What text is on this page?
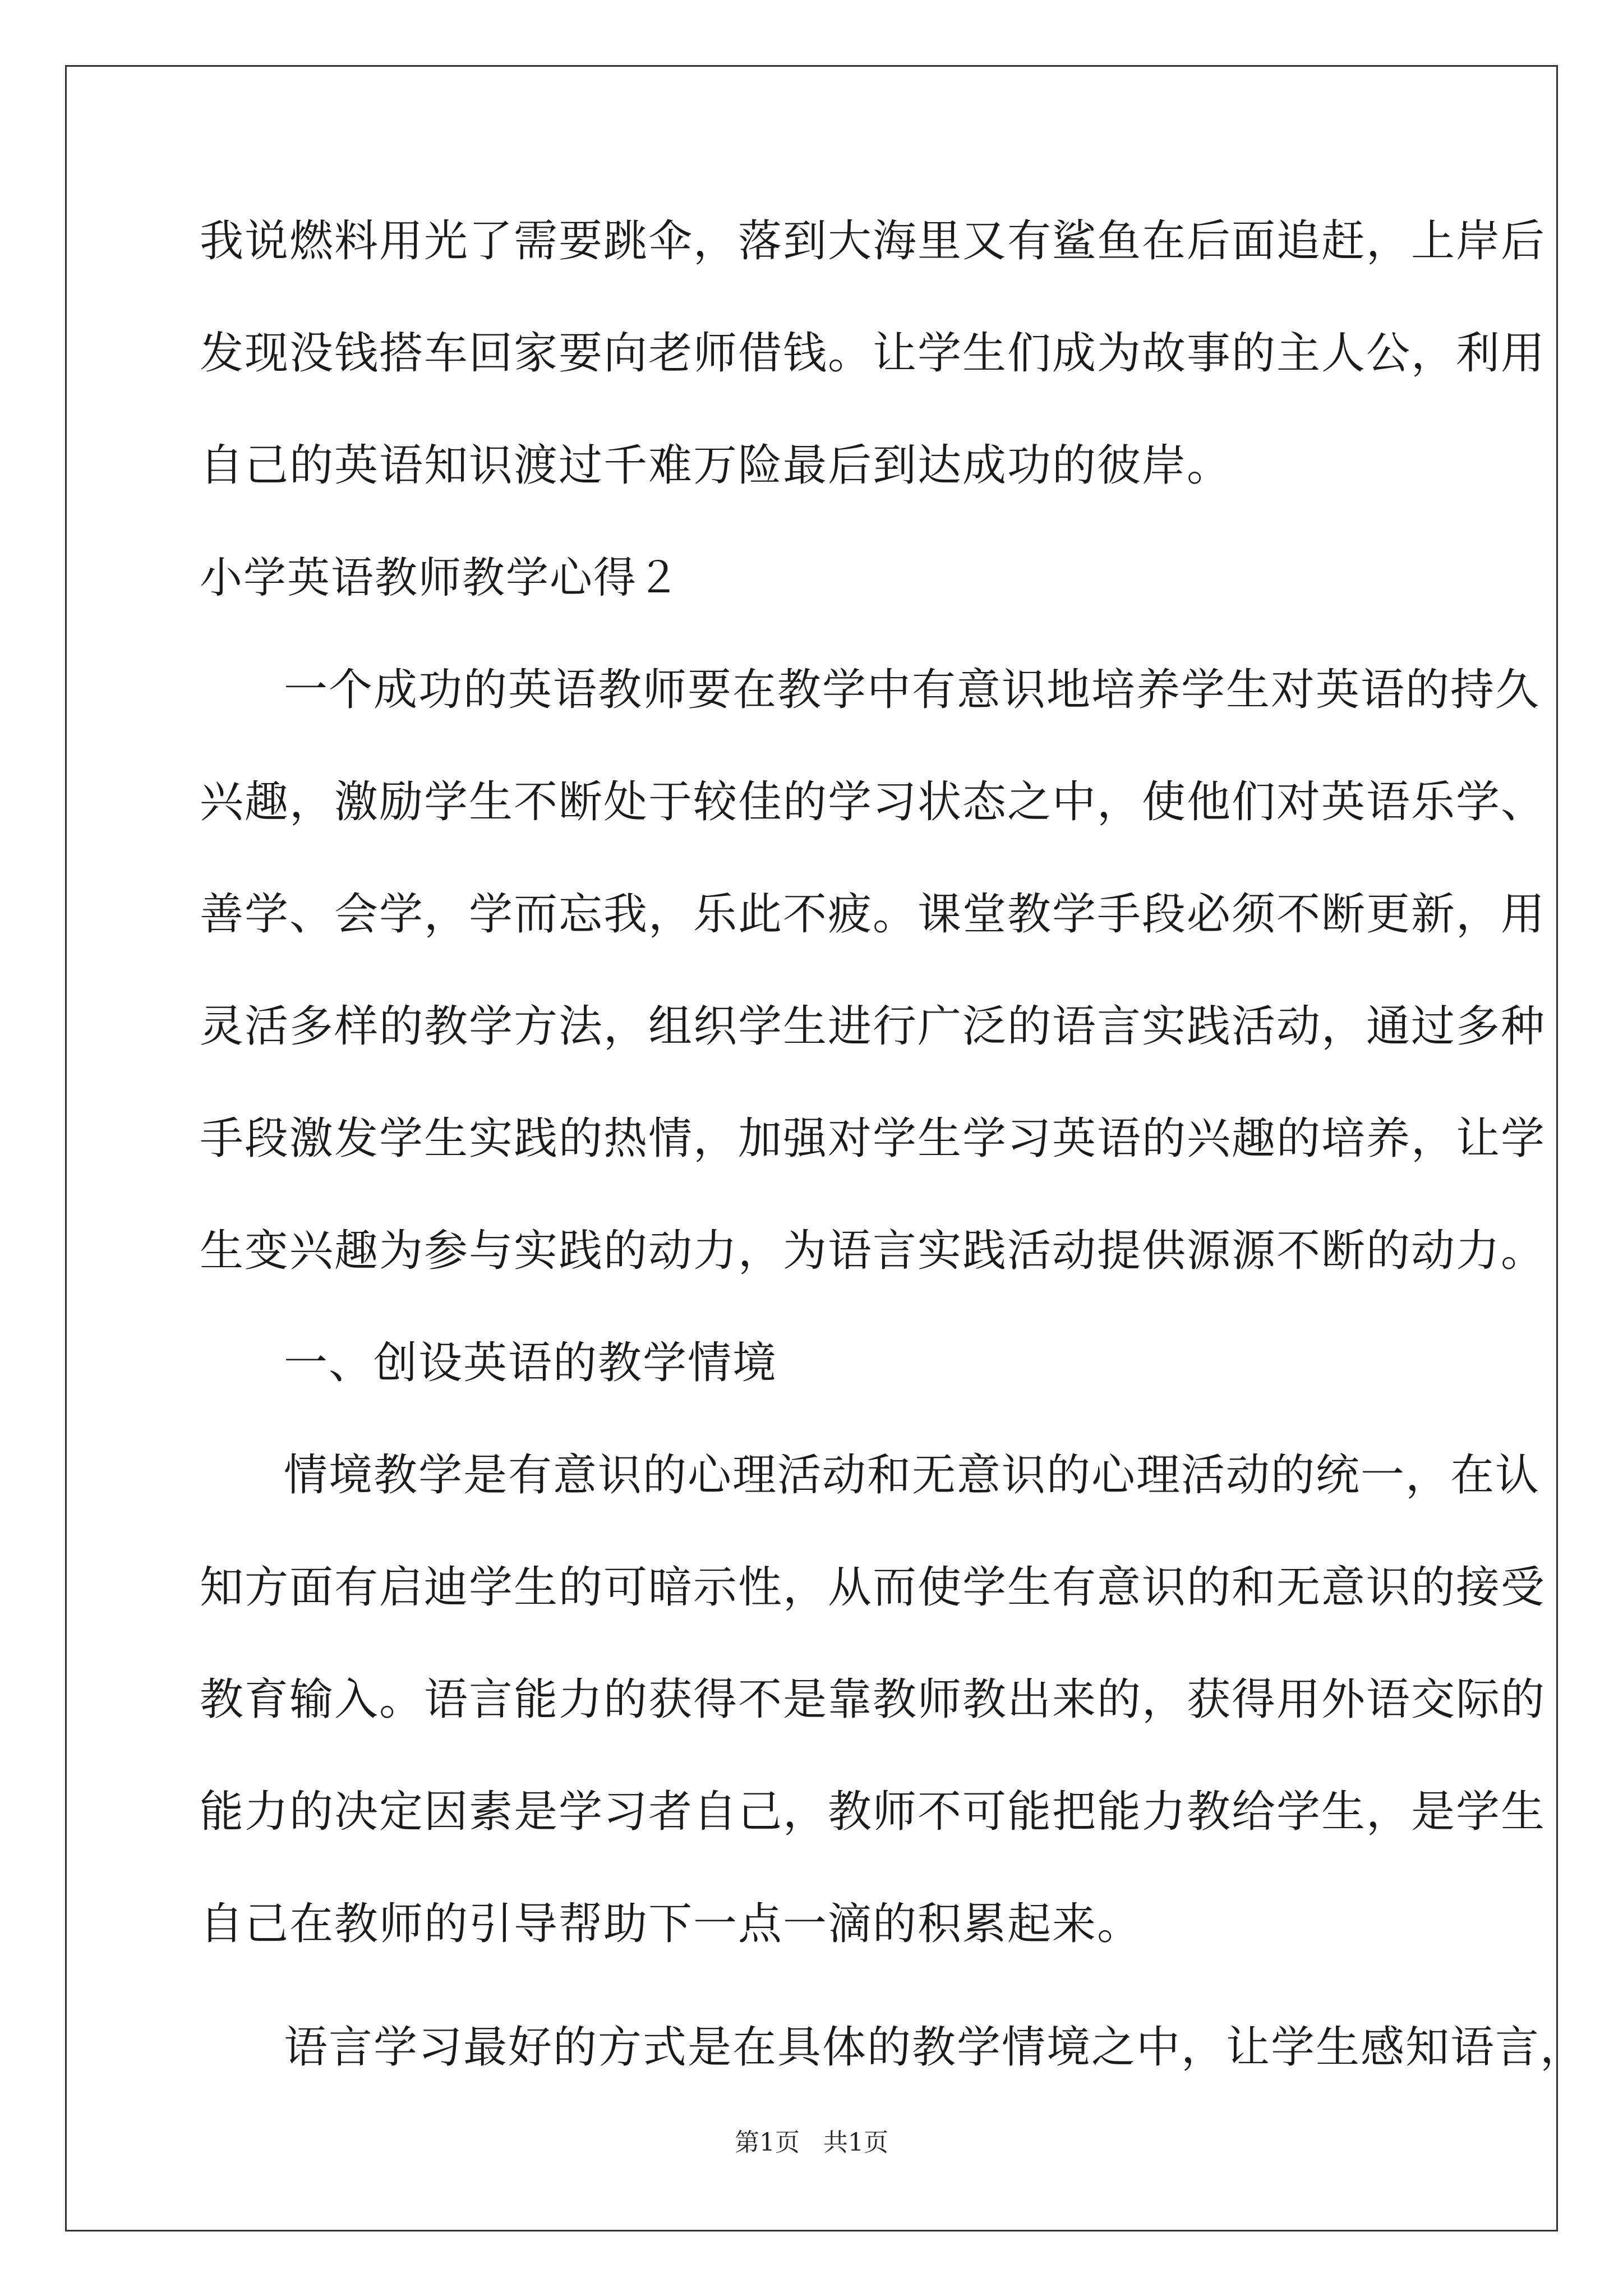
我说燃料用光了需要跳伞，落到大海里又有鲨鱼在后面追赶，上岸后
发现没钱搭车回家要向老师借钱。让学生们成为故事的主人公，利用
自己的英语知识渡过千难万险最后到达成功的彼岸。
小学英语教师教学心得２
一个成功的英语教师要在教学中有意识地培养学生对英语的持久
兴趣，激励学生不断处于较佳的学习状态之中，使他们对英语乐学、
善学、会学，学而忘我，乐此不疲。课堂教学手段必须不断更新，用
灵活多样的教学方法，组织学生进行广泛的语言实践活动，通过多种
手段激发学生实践的热情，加强对学生学习英语的兴趣的培养，让学
生变兴趣为参与实践的动力，为语言实践活动提供源源不断的动力。
一、创设英语的教学情境
情境教学是有意识的心理活动和无意识的心理活动的统一，在认
知方面有启迪学生的可暗示性，从而使学生有意识的和无意识的接受
教育输入。语言能力的获得不是靠教师教出来的，获得用外语交际的
能力的决定因素是学习者自己，教师不可能把能力教给学生，是学生
自己在教师的引导帮助下一点一滴的积累起来。
语言学习最好的方式是在具体的教学情境之中，让学生感知语言，
第1页 共1页
